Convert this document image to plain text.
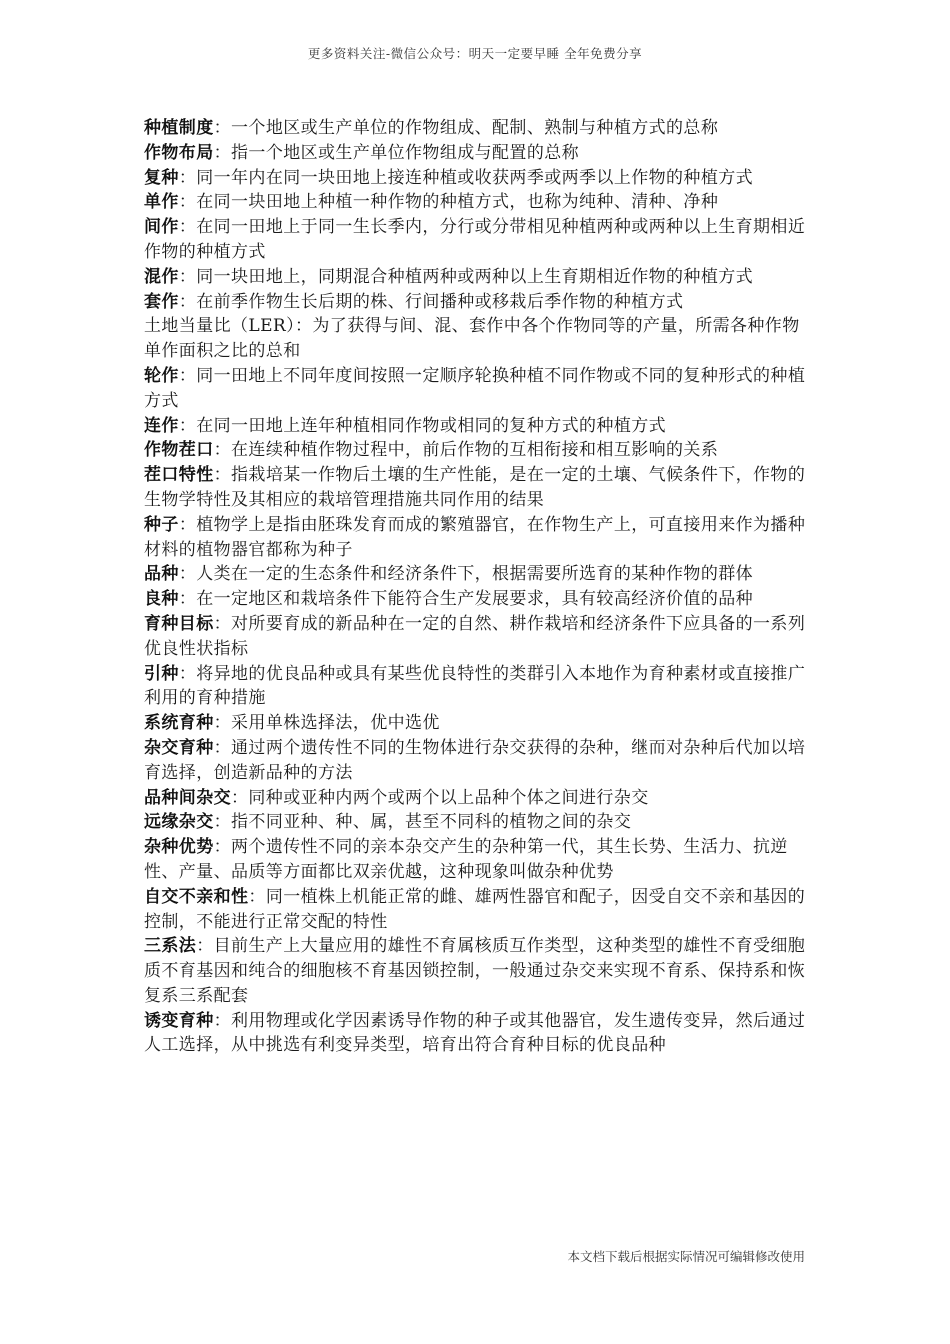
更多资料关注-微信公众号：明天一定要早睡 全年免费分享

种植制度：一个地区或生产单位的作物组成、配制、熟制与种植方式的总称

作物布局：指一个地区或生产单位作物组成与配置的总称

复种：同一年内在同一块田地上接连种植或收获两季或两季以上作物的种植方式

单作：在同一块田地上种植一种作物的种植方式，也称为纯种、清种、净种

间作：在同一田地上于同一生长季内，分行或分带相见种植两种或两种以上生育期相近作物的种植方式

混作：同一块田地上，同期混合种植两种或两种以上生育期相近作物的种植方式

套作：在前季作物生长后期的株、行间播种或移栽后季作物的种植方式

土地当量比（LER）：为了获得与间、混、套作中各个作物同等的产量，所需各种作物单作面积之比的总和

轮作：同一田地上不同年度间按照一定顺序轮换种植不同作物或不同的复种形式的种植方式

连作：在同一田地上连年种植相同作物或相同的复种方式的种植方式

作物茬口：在连续种植作物过程中，前后作物的互相衔接和相互影响的关系

茬口特性：指栽培某一作物后土壤的生产性能，是在一定的土壤、气候条件下，作物的生物学特性及其相应的栽培管理措施共同作用的结果

种子：植物学上是指由胚珠发育而成的繁殖器官，在作物生产上，可直接用来作为播种材料的植物器官都称为种子

品种：人类在一定的生态条件和经济条件下，根据需要所选育的某种作物的群体

良种：在一定地区和栽培条件下能符合生产发展要求，具有较高经济价值的品种

育种目标：对所要育成的新品种在一定的自然、耕作栽培和经济条件下应具备的一系列优良性状指标

引种：将异地的优良品种或具有某些优良特性的类群引入本地作为育种素材或直接推广利用的育种措施

系统育种：采用单株选择法，优中选优

杂交育种：通过两个遗传性不同的生物体进行杂交获得的杂种，继而对杂种后代加以培育选择，创造新品种的方法

品种间杂交：同种或亚种内两个或两个以上品种个体之间进行杂交

远缘杂交：指不同亚种、种、属，甚至不同科的植物之间的杂交

杂种优势：两个遗传性不同的亲本杂交产生的杂种第一代，其生长势、生活力、抗逆性、产量、品质等方面都比双亲优越，这种现象叫做杂种优势

自交不亲和性：同一植株上机能正常的雌、雄两性器官和配子，因受自交不亲和基因的控制，不能进行正常交配的特性

三系法：目前生产上大量应用的雄性不育属核质互作类型，这种类型的雄性不育受细胞质不育基因和纯合的细胞核不育基因锁控制，一般通过杂交来实现不育系、保持系和恢复系三系配套

诱变育种：利用物理或化学因素诱导作物的种子或其他器官，发生遗传变异，然后通过人工选择，从中挑选有利变异类型，培育出符合育种目标的优良品种

本文档下载后根据实际情况可编辑修改使用
